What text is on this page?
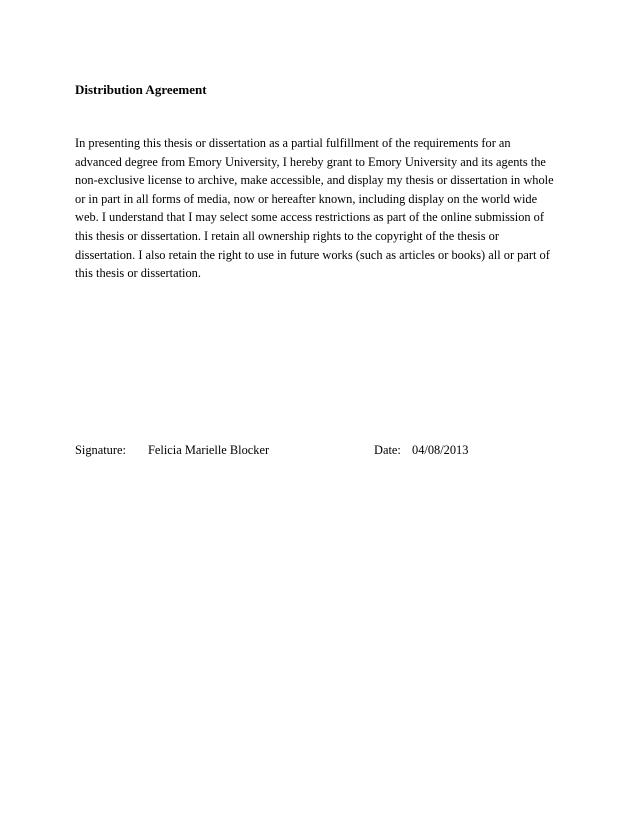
Distribution Agreement
In presenting this thesis or dissertation as a partial fulfillment of the requirements for an
advanced degree from Emory University, I hereby grant to Emory University and its agents the
non-exclusive license to archive, make accessible, and display my thesis or dissertation in whole
or in part in all forms of media, now or hereafter known, including display on the world wide
web. I understand that I may select some access restrictions as part of the online submission of
this thesis or dissertation. I retain all ownership rights to the copyright of the thesis or
dissertation. I also retain the right to use in future works (such as articles or books) all or part of
this thesis or dissertation.
Signature: Felicia Marielle Blocker	Date: 04/08/2013
